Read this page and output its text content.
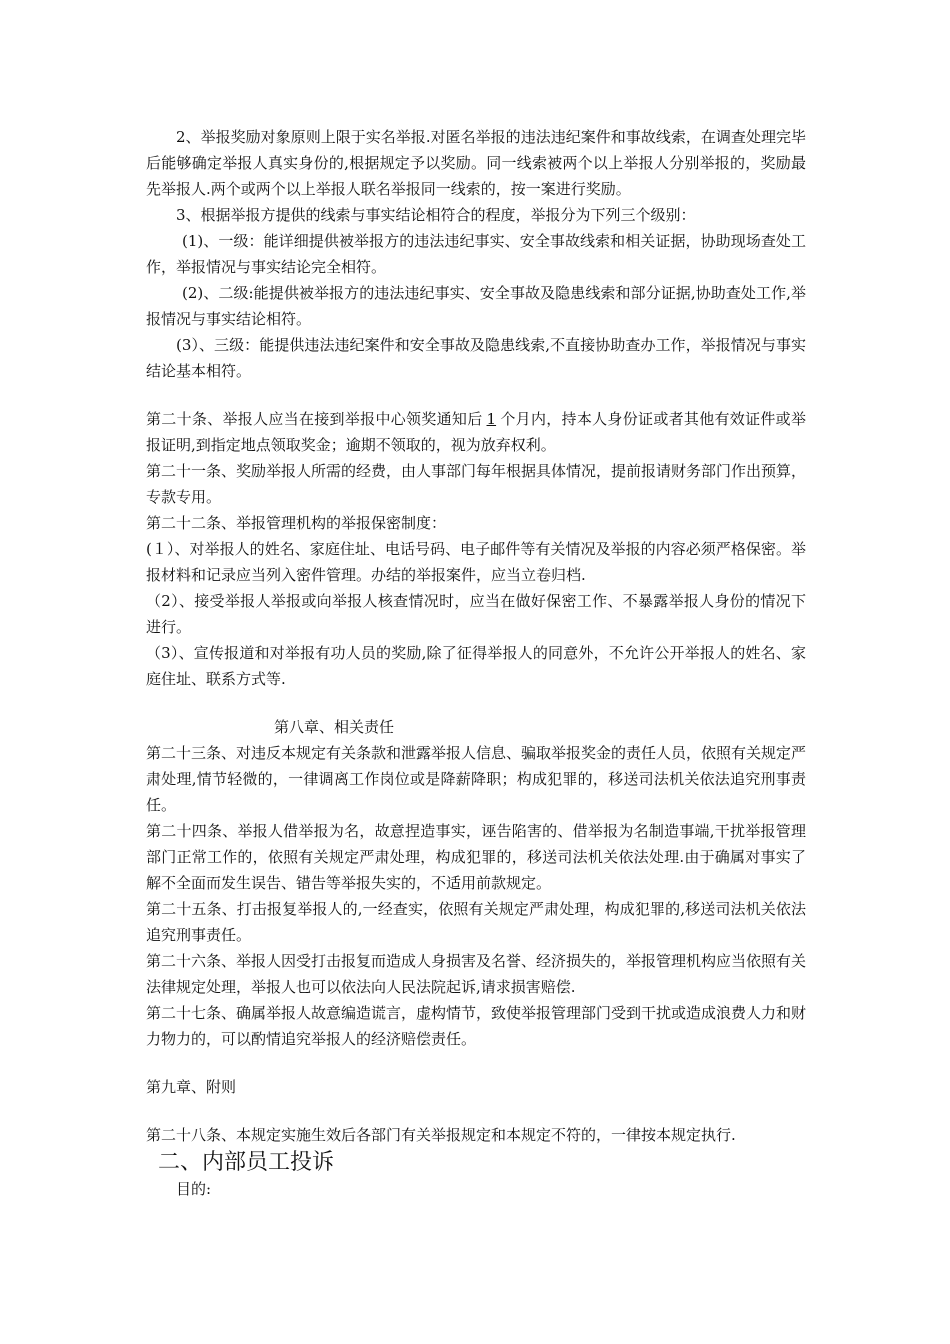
2、举报奖励对象原则上限于实名举报.对匿名举报的违法违纪案件和事故线索，在调查处理完毕后能够确定举报人真实身份的,根据规定予以奖励。同一线索被两个以上举报人分别举报的，奖励最先举报人.两个或两个以上举报人联名举报同一线索的，按一案进行奖励。

3、根据举报方提供的线索与事实结论相符合的程度，举报分为下列三个级别：

(1)、一级：能详细提供被举报方的违法违纪事实、安全事故线索和相关证据，协助现场查处工作，举报情况与事实结论完全相符。

(2)、二级:能提供被举报方的违法违纪事实、安全事故及隐患线索和部分证据,协助查处工作,举报情况与事实结论相符。

(3）、三级：能提供违法违纪案件和安全事故及隐患线索,不直接协助查办工作，举报情况与事实结论基本相符。

第二十条、举报人应当在接到举报中心领奖通知后 1 个月内，持本人身份证或者其他有效证件或举报证明,到指定地点领取奖金；逾期不领取的，视为放弃权利。

第二十一条、奖励举报人所需的经费，由人事部门每年根据具体情况，提前报请财务部门作出预算，专款专用。

第二十二条、举报管理机构的举报保密制度：

(１）、对举报人的姓名、家庭住址、电话号码、电子邮件等有关情况及举报的内容必须严格保密。举报材料和记录应当列入密件管理。办结的举报案件，应当立卷归档.

（2）、接受举报人举报或向举报人核查情况时，应当在做好保密工作、不暴露举报人身份的情况下进行。

（3）、宣传报道和对举报有功人员的奖励,除了征得举报人的同意外，不允许公开举报人的姓名、家庭住址、联系方式等.

第八章、相关责任

第二十三条、对违反本规定有关条款和泄露举报人信息、骗取举报奖金的责任人员，依照有关规定严肃处理,情节轻微的，一律调离工作岗位或是降薪降职；构成犯罪的，移送司法机关依法追究刑事责任。

第二十四条、举报人借举报为名，故意捏造事实，诬告陷害的、借举报为名制造事端,干扰举报管理部门正常工作的，依照有关规定严肃处理，构成犯罪的，移送司法机关依法处理.由于确属对事实了解不全面而发生误告、错告等举报失实的，不适用前款规定。

第二十五条、打击报复举报人的,一经查实，依照有关规定严肃处理，构成犯罪的,移送司法机关依法追究刑事责任。

第二十六条、举报人因受打击报复而造成人身损害及名誉、经济损失的，举报管理机构应当依照有关法律规定处理，举报人也可以依法向人民法院起诉,请求损害赔偿.

第二十七条、确属举报人故意编造谎言，虚构情节，致使举报管理部门受到干扰或造成浪费人力和财力物力的，可以酌情追究举报人的经济赔偿责任。

第九章、附则

第二十八条、本规定实施生效后各部门有关举报规定和本规定不符的，一律按本规定执行.

二、内部员工投诉
目的:
